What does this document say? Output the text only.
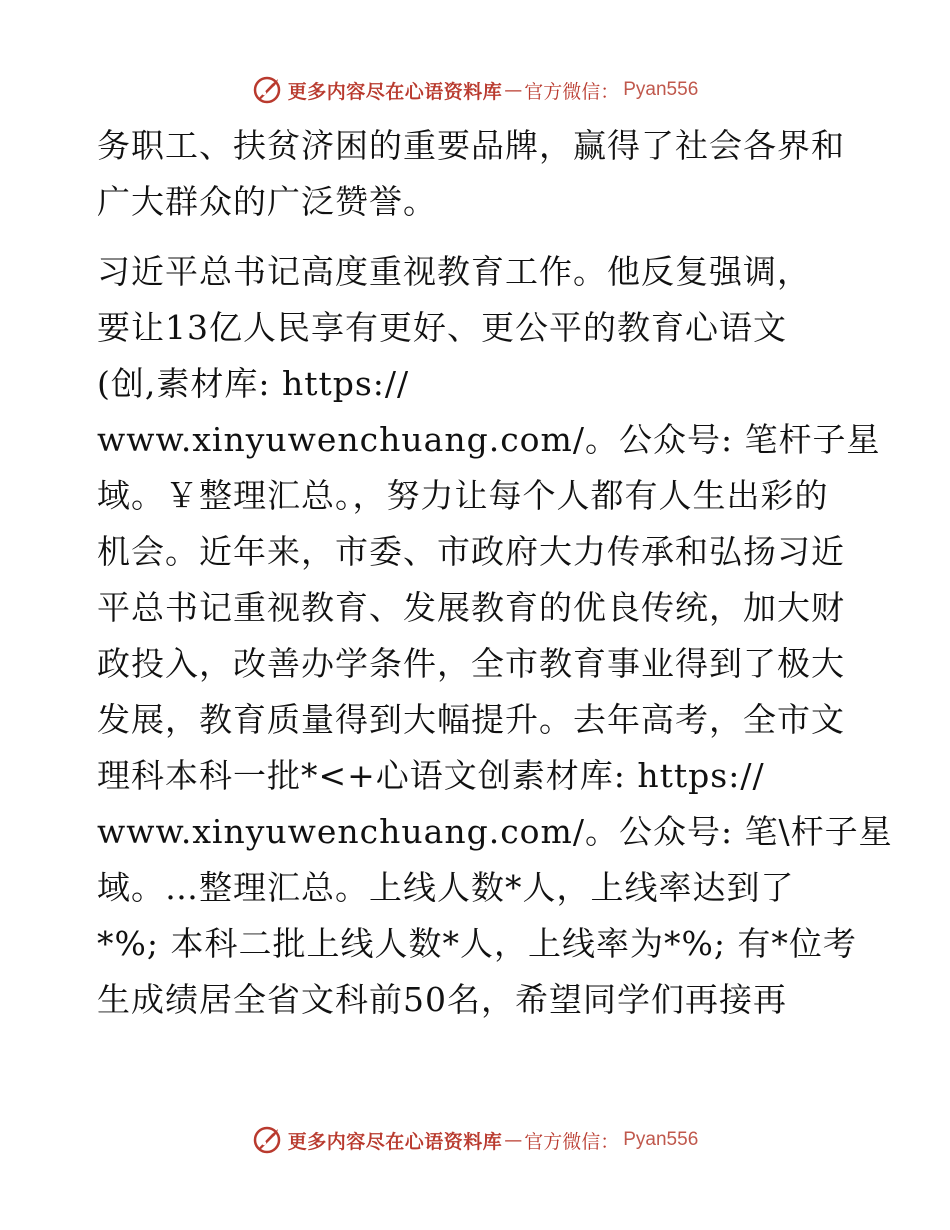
更多内容尽在心语资料库 — 官方微信： Pyan556
务职工、扶贫济困的重要品牌，赢得了社会各界和
广大群众的广泛赞誉。
习近平总书记高度重视教育工作。他反复强调，
要让13亿人民享有更好、更公平的教育心语文
(创,素材库: https://
www.xinyuwenchuang.com/。公众号: 笔杆子星
域。￥整理汇总。，努力让每个人都有人生出彩的
机会。近年来，市委、市政府大力传承和弘扬习近
平总书记重视教育、发展教育的优良传统，加大财
政投入，改善办学条件，全市教育事业得到了极大
发展，教育质量得到大幅提升。去年高考，全市文
理科本科一批*<+心语文创素材库: https://
www.xinyuwenchuang.com/。公众号: 笔\杆子星
域。…整理汇总。上线人数*人，上线率达到了
*%; 本科二批上线人数*人，上线率为*%; 有*位考
生成绩居全省文科前50名，希望同学们再接再
更多内容尽在心语资料库 — 官方微信： Pyan556
